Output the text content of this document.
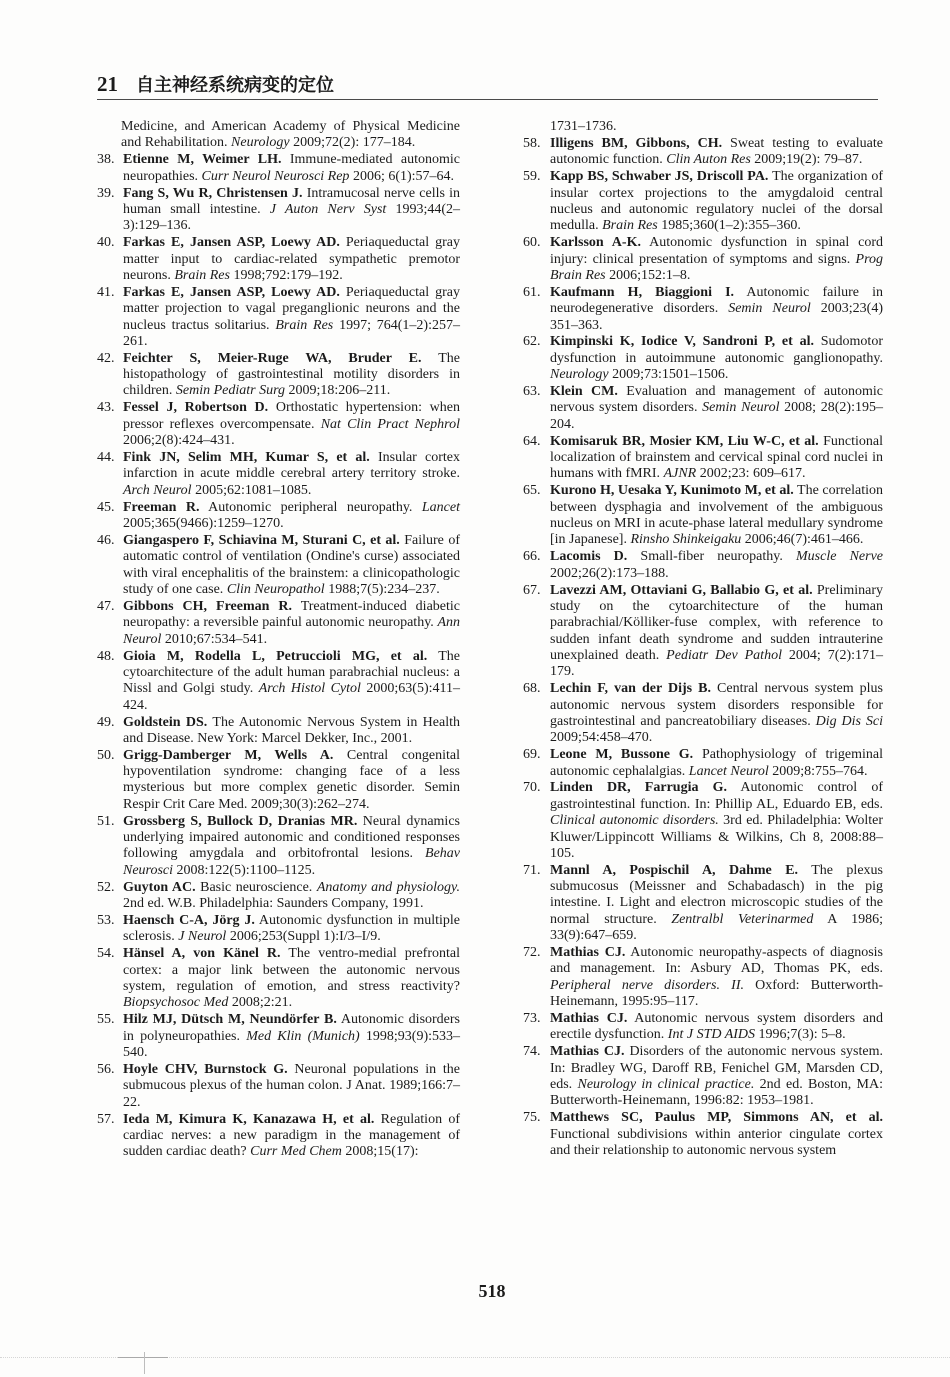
21 自主神经系统病变的定位
Medicine, and American Academy of Physical Medicine and Rehabilitation. Neurology 2009;72(2): 177–184.
38. Etienne M, Weimer LH. Immune-mediated autonomic neuropathies. Curr Neurol Neurosci Rep 2006; 6(1):57–64.
39. Fang S, Wu R, Christensen J. Intramucosal nerve cells in human small intestine. J Auton Nerv Syst 1993;44(2–3):129–136.
40. Farkas E, Jansen ASP, Loewy AD. Periaqueductal gray matter input to cardiac-related sympathetic premotor neurons. Brain Res 1998;792:179–192.
41. Farkas E, Jansen ASP, Loewy AD. Periaqueductal gray matter projection to vagal preganglionic neurons and the nucleus tractus solitarius. Brain Res 1997; 764(1–2):257–261.
42. Feichter S, Meier-Ruge WA, Bruder E. The histopathology of gastrointestinal motility disorders in children. Semin Pediatr Surg 2009;18:206–211.
43. Fessel J, Robertson D. Orthostatic hypertension: when pressor reflexes overcompensate. Nat Clin Pract Nephrol 2006;2(8):424–431.
44. Fink JN, Selim MH, Kumar S, et al. Insular cortex infarction in acute middle cerebral artery territory stroke. Arch Neurol 2005;62:1081–1085.
45. Freeman R. Autonomic peripheral neuropathy. Lancet 2005;365(9466):1259–1270.
46. Giangaspero F, Schiavina M, Sturani C, et al. Failure of automatic control of ventilation (Ondine's curse) associated with viral encephalitis of the brainstem: a clinicopathologic study of one case. Clin Neuropathol 1988;7(5):234–237.
47. Gibbons CH, Freeman R. Treatment-induced diabetic neuropathy: a reversible painful autonomic neuropathy. Ann Neurol 2010;67:534–541.
48. Gioia M, Rodella L, Petruccioli MG, et al. The cytoarchitecture of the adult human parabrachial nucleus: a Nissl and Golgi study. Arch Histol Cytol 2000;63(5):411–424.
49. Goldstein DS. The Autonomic Nervous System in Health and Disease. New York: Marcel Dekker, Inc., 2001.
50. Grigg-Damberger M, Wells A. Central congenital hypoventilation syndrome: changing face of a less mysterious but more complex genetic disorder. Semin Respir Crit Care Med. 2009;30(3):262–274.
51. Grossberg S, Bullock D, Dranias MR. Neural dynamics underlying impaired autonomic and conditioned responses following amygdala and orbitofrontal lesions. Behav Neurosci 2008:122(5):1100–1125.
52. Guyton AC. Basic neuroscience. Anatomy and physiology. 2nd ed. W.B. Philadelphia: Saunders Company, 1991.
53. Haensch C-A, Jörg J. Autonomic dysfunction in multiple sclerosis. J Neurol 2006;253(Suppl 1):I/3–I/9.
54. Hänsel A, von Känel R. The ventro-medial prefrontal cortex: a major link between the autonomic nervous system, regulation of emotion, and stress reactivity? Biopsychosoc Med 2008;2:21.
55. Hilz MJ, Dütsch M, Neundörfer B. Autonomic disorders in polyneuropathies. Med Klin (Munich) 1998;93(9):533–540.
56. Hoyle CHV, Burnstock G. Neuronal populations in the submucous plexus of the human colon. J Anat. 1989;166:7–22.
57. Ieda M, Kimura K, Kanazawa H, et al. Regulation of cardiac nerves: a new paradigm in the management of sudden cardiac death? Curr Med Chem 2008;15(17):
1731–1736.
58. Illigens BM, Gibbons, CH. Sweat testing to evaluate autonomic function. Clin Auton Res 2009;19(2): 79–87.
59. Kapp BS, Schwaber JS, Driscoll PA. The organization of insular cortex projections to the amygdaloid central nucleus and autonomic regulatory nuclei of the dorsal medulla. Brain Res 1985;360(1–2):355–360.
60. Karlsson A-K. Autonomic dysfunction in spinal cord injury: clinical presentation of symptoms and signs. Prog Brain Res 2006;152:1–8.
61. Kaufmann H, Biaggioni I. Autonomic failure in neurodegenerative disorders. Semin Neurol 2003;23(4) 351–363.
62. Kimpinski K, Iodice V, Sandroni P, et al. Sudomotor dysfunction in autoimmune autonomic ganglionopathy. Neurology 2009;73:1501–1506.
63. Klein CM. Evaluation and management of autonomic nervous system disorders. Semin Neurol 2008; 28(2):195–204.
64. Komisaruk BR, Mosier KM, Liu W-C, et al. Functional localization of brainstem and cervical spinal cord nuclei in humans with fMRI. AJNR 2002;23: 609–617.
65. Kurono H, Uesaka Y, Kunimoto M, et al. The correlation between dysphagia and involvement of the ambiguous nucleus on MRI in acute-phase lateral medullary syndrome [in Japanese]. Rinsho Shinkeigaku 2006;46(7):461–466.
66. Lacomis D. Small-fiber neuropathy. Muscle Nerve 2002;26(2):173–188.
67. Lavezzi AM, Ottaviani G, Ballabio G, et al. Preliminary study on the cytoarchitecture of the human parabrachial/Kölliker-fuse complex, with reference to sudden infant death syndrome and sudden intrauterine unexplained death. Pediatr Dev Pathol 2004; 7(2):171–179.
68. Lechin F, van der Dijs B. Central nervous system plus autonomic nervous system disorders responsible for gastrointestinal and pancreatobiliary diseases. Dig Dis Sci 2009;54:458–470.
69. Leone M, Bussone G. Pathophysiology of trigeminal autonomic cephalalgias. Lancet Neurol 2009;8:755–764.
70. Linden DR, Farrugia G. Autonomic control of gastrointestinal function. In: Phillip AL, Eduardo EB, eds. Clinical autonomic disorders. 3rd ed. Philadelphia: Wolter Kluwer/Lippincott Williams & Wilkins, Ch 8, 2008:88–105.
71. Mannl A, Pospischil A, Dahme E. The plexus submucosus (Meissner and Schabadasch) in the pig intestine. I. Light and electron microscopic studies of the normal structure. Zentralbl Veterinarmed A 1986; 33(9):647–659.
72. Mathias CJ. Autonomic neuropathy-aspects of diagnosis and management. In: Asbury AD, Thomas PK, eds. Peripheral nerve disorders. II. Oxford: Butterworth-Heinemann, 1995:95–117.
73. Mathias CJ. Autonomic nervous system disorders and erectile dysfunction. Int J STD AIDS 1996;7(3): 5–8.
74. Mathias CJ. Disorders of the autonomic nervous system. In: Bradley WG, Daroff RB, Fenichel GM, Marsden CD, eds. Neurology in clinical practice. 2nd ed. Boston, MA: Butterworth-Heinemann, 1996:82: 1953–1981.
75. Matthews SC, Paulus MP, Simmons AN, et al. Functional subdivisions within anterior cingulate cortex and their relationship to autonomic nervous system
518
